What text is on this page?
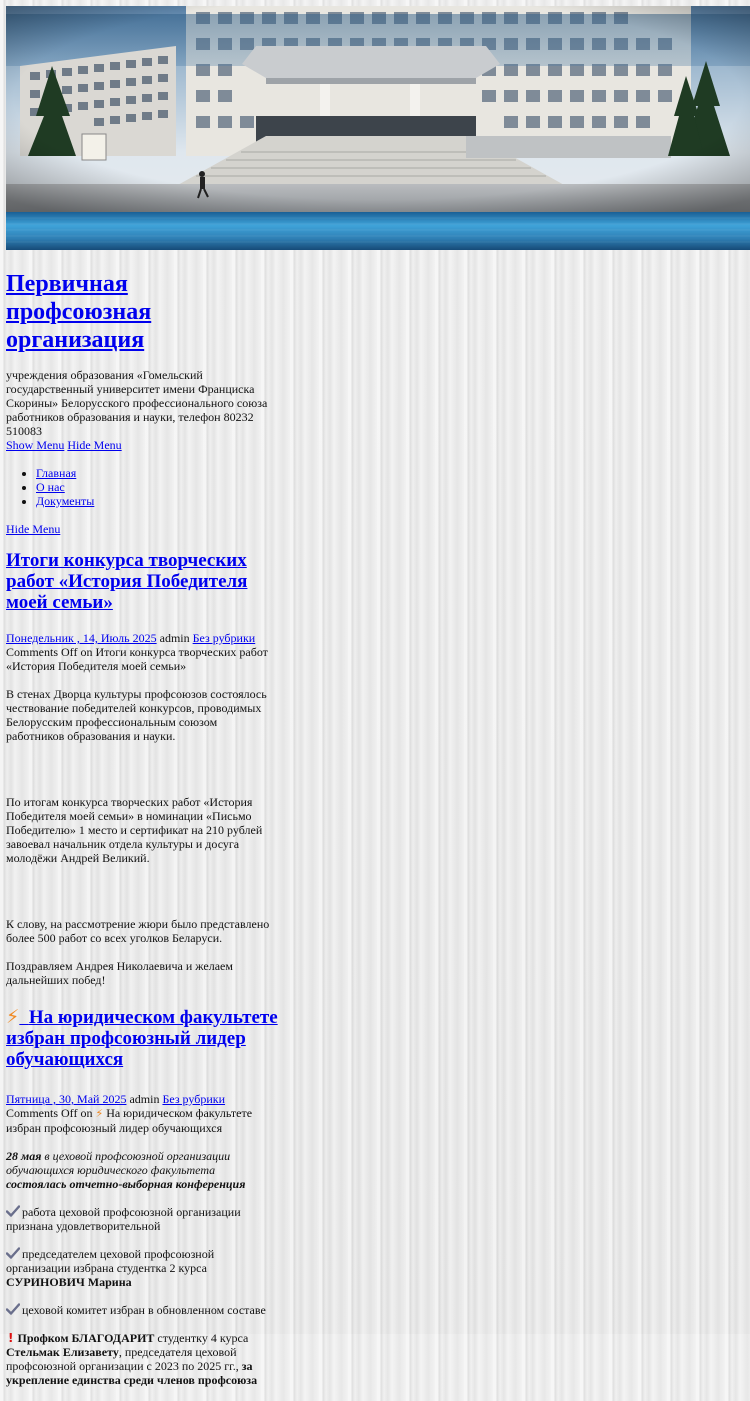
Первичная профсоюзная организация

учреждения образования «Гомельский государственный университет имени Франциска Скорины» Белорусского профессионального союза работников образования и науки, телефон 80232 510083

Show Menu Hide Menu
• Главная
• О нас
• Документы
Hide Menu
Итоги конкурса творческих работ «История Победителя моей семьи»
Понедельник , 14, Июль 2025 admin Без рубрики

Comments Off on Итоги конкурса творческих работ «История Победителя моей семьи»

В стенах Дворца культуры профсоюзов состоялось чествование победителей конкурсов, проводимых Белорусским профессиональным союзом работников образования и науки.

По итогам конкурса творческих работ «История Победителя моей семьи» в номинации «Письмо Победителю» 1 место и сертификат на 210 рублей завоевал начальник отдела культуры и досуга молодёжи Андрей Великий.

К слову, на рассмотрение жюри было представлено более 500 работ со всех уголков Беларуси.

Поздравляем Андрея Николаевича и желаем дальнейших побед!

⚡ На юридическом факультете избран профсоюзный лидер обучающихся
Пятница , 30, Май 2025 admin Без рубрики

Comments Off on ⚡ На юридическом факультете избран профсоюзный лидер обучающихся

28 мая в цеховой профсоюзной организации обучающихся юридического факультета состоялась отчетно-выборная конференция

работа цеховой профсоюзной организации признана удовлетворительной

председателем цеховой профсоюзной организации избрана студентка 2 курса СУРИНОВИЧ Марина

цеховой комитет избран в обновленном составе

! Профком БЛАГОДАРИТ студентку 4 курса Стельмак Елизавету, председателя цеховой профсоюзной организации с 2023 по 2025 гг., за укрепление единства среди членов профсоюза
